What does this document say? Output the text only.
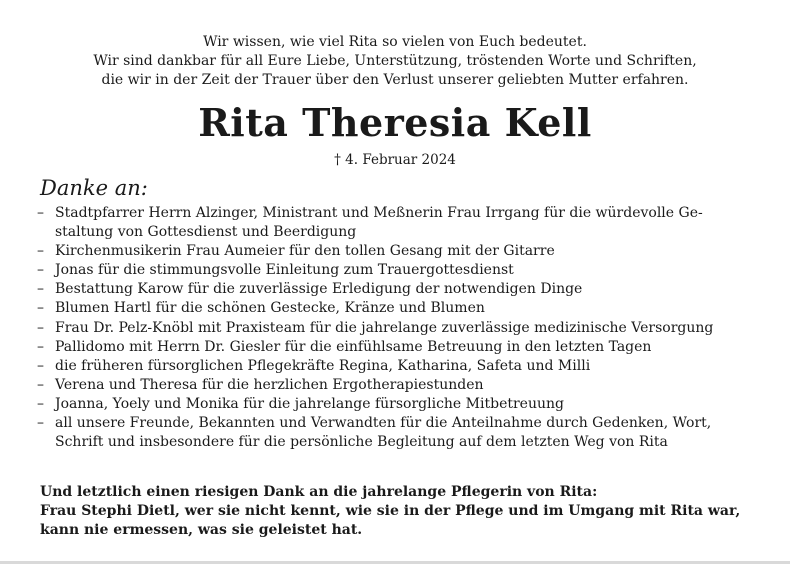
Wir wissen, wie viel Rita so vielen von Euch bedeutet.
Wir sind dankbar für all Eure Liebe, Unterstützung, tröstenden Worte und Schriften,
die wir in der Zeit der Trauer über den Verlust unserer geliebten Mutter erfahren.
Rita Theresia Kell
† 4. Februar 2024
Danke an:
– Stadtpfarrer Herrn Alzinger, Ministrant und Meßnerin Frau Irrgang für die würdevolle Ge-
staltung von Gottesdienst und Beerdigung
– Kirchenmusikerin Frau Aumeier für den tollen Gesang mit der Gitarre
– Jonas für die stimmungsvolle Einleitung zum Trauergottesdienst
– Bestattung Karow für die zuverlässige Erledigung der notwendigen Dinge
– Blumen Hartl für die schönen Gestecke, Kränze und Blumen
– Frau Dr. Pelz-Knöbl mit Praxisteam für die jahrelange zuverlässige medizinische Versorgung
– Pallidomo mit Herrn Dr. Giesler für die einfühlsame Betreuung in den letzten Tagen
– die früheren fürsorglichen Pflegekräfte Regina, Katharina, Safeta und Milli
– Verena und Theresa für die herzlichen Ergotherapiestunden
– Joanna, Yoely und Monika für die jahrelange fürsorgliche Mitbetreuung
– all unsere Freunde, Bekannten und Verwandten für die Anteilnahme durch Gedenken, Wort,
Schrift und insbesondere für die persönliche Begleitung auf dem letzten Weg von Rita
Und letztlich einen riesigen Dank an die jahrelange Pflegerin von Rita:
Frau Stephi Dietl, wer sie nicht kennt, wie sie in der Pflege und im Umgang mit Rita war,
kann nie ermessen, was sie geleistet hat.
